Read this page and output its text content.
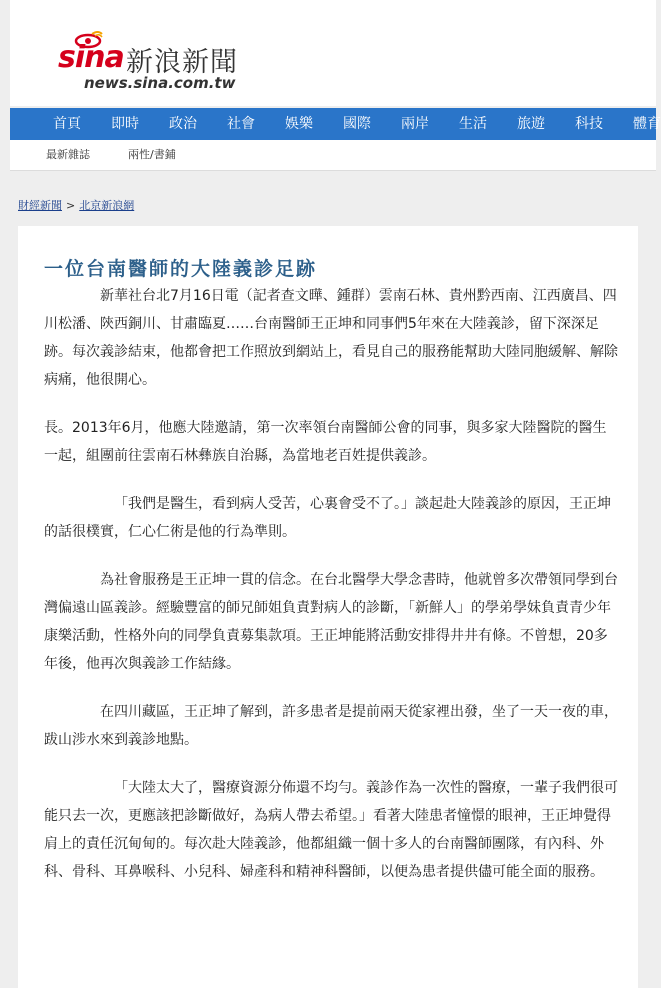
sina 新浪新聞
news.sina.com.tw
首頁 即時 政治 社會 娛樂 國際 兩岸 生活 旅遊 科技 體育
最新雜誌	兩性/書鋪
財經新聞 > 北京新浪網
一位台南醫師的大陸義診足跡

新華社台北7月16日電（記者查文曄、鍾群）雲南石林、貴州黔西南、江西廣昌、四川松潘、陝西銅川、甘肅臨夏……台南醫師王正坤和同事們5年來在大陸義診，留下深深足跡。每次義診結束，他都會把工作照放到網站上，看見自己的服務能幫助大陸同胞緩解、解除病痛，他很開心。

長。2013年6月，他應大陸邀請，第一次率領台南醫師公會的同事，與多家大陸醫院的醫生一起，組團前往雲南石林彝族自治縣，為當地老百姓提供義診。

「我們是醫生，看到病人受苦，心裏會受不了。」談起赴大陸義診的原因，王正坤的話很樸實，仁心仁術是他的行為準則。

為社會服務是王正坤一貫的信念。在台北醫學大學念書時，他就曾多次帶領同學到台灣偏遠山區義診。經驗豐富的師兄師姐負責對病人的診斷，「新鮮人」的學弟學妹負責青少年康樂活動，性格外向的同學負責募集款項。王正坤能將活動安排得井井有條。不曾想，20多年後，他再次與義診工作結緣。

在四川藏區，王正坤了解到，許多患者是提前兩天從家裡出發，坐了一天一夜的車，跋山涉水來到義診地點。

「大陸太大了，醫療資源分佈還不均勻。義診作為一次性的醫療，一輩子我們很可能只去一次，更應該把診斷做好，為病人帶去希望。」看著大陸患者憧憬的眼神，王正坤覺得肩上的責任沉甸甸的。每次赴大陸義診，他都組織一個十多人的台南醫師團隊，有內科、外科、骨科、耳鼻喉科、小兒科、婦產科和精神科醫師，以便為患者提供儘可能全面的服務。
